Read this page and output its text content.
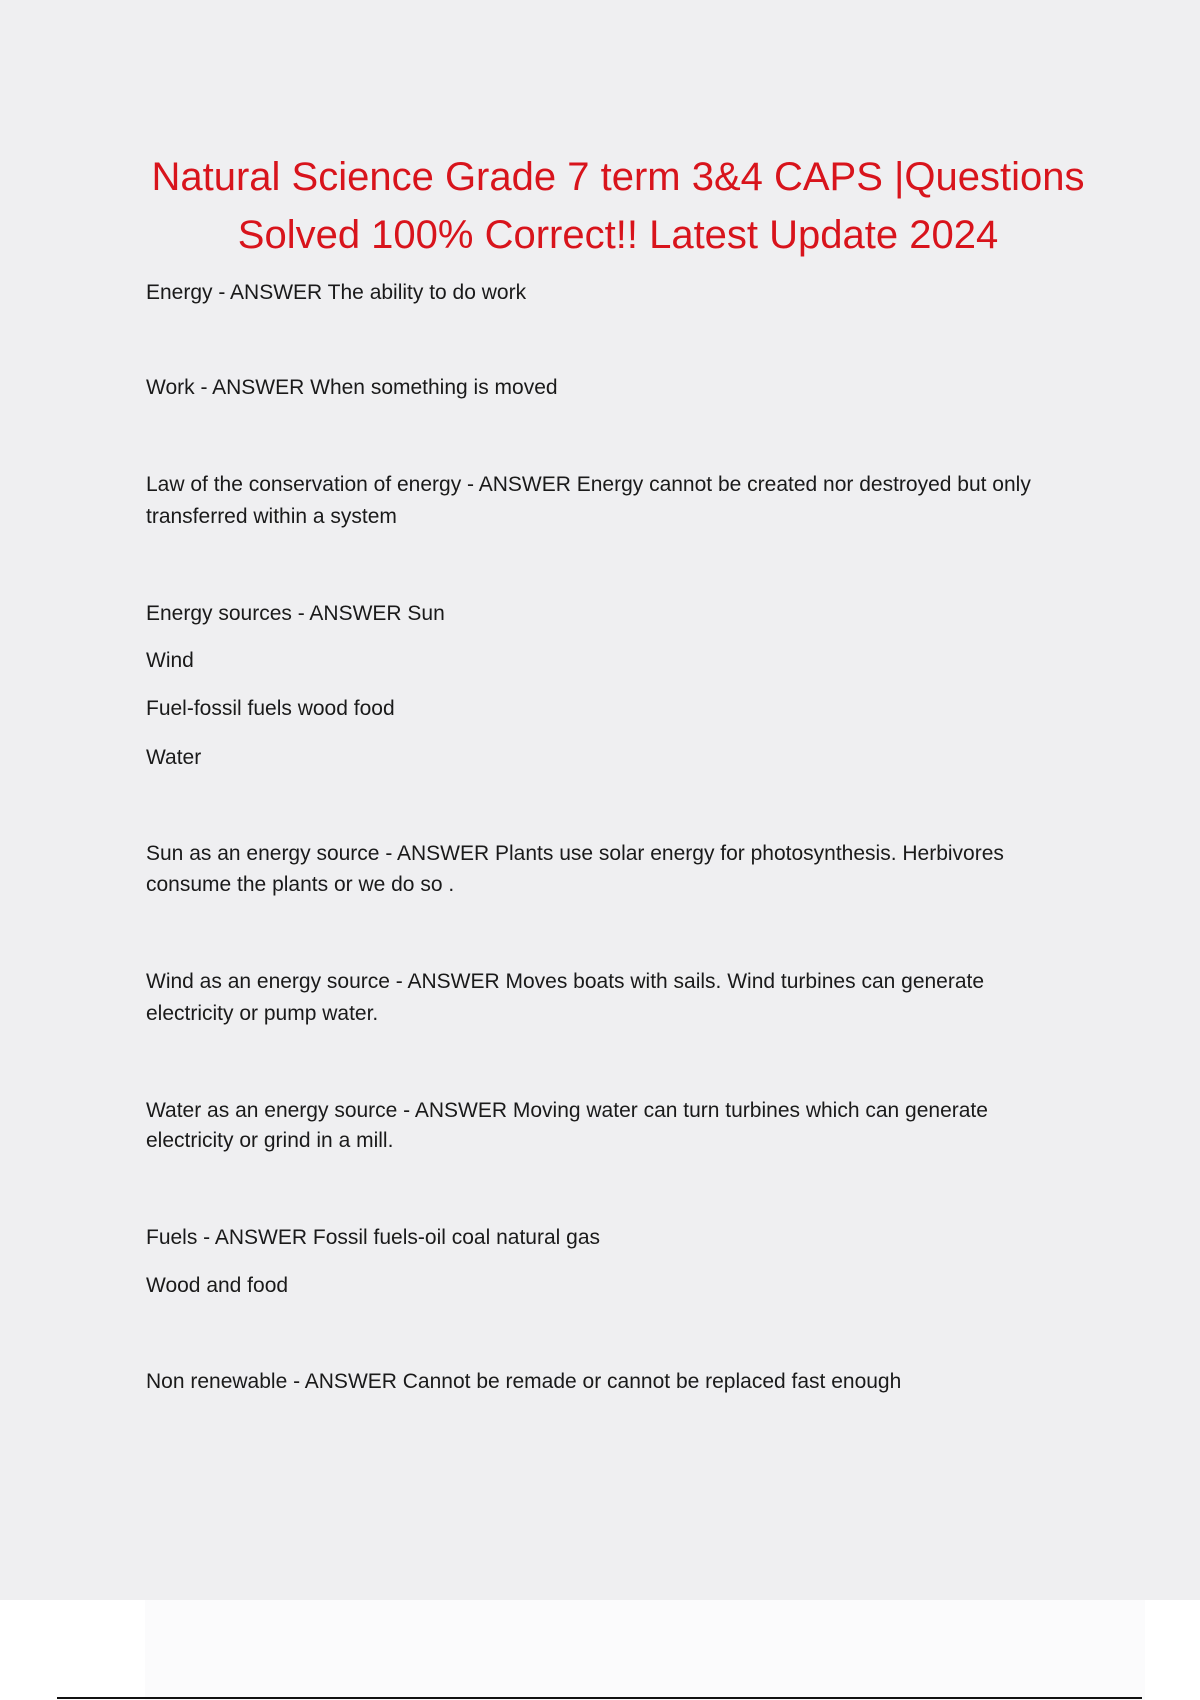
Natural Science Grade 7 term 3&4 CAPS |Questions
Solved 100% Correct!! Latest Update 2024

Energy - ANSWER The ability to do work

Work - ANSWER When something is moved

Law of the conservation of energy - ANSWER Energy cannot be created nor destroyed but only

transferred within a system

Energy sources - ANSWER Sun

Wind

Fuel-fossil fuels wood food

Water

Sun as an energy source - ANSWER Plants use solar energy for photosynthesis. Herbivores

consume the plants or we do so .

Wind as an energy source - ANSWER Moves boats with sails. Wind turbines can generate

electricity or pump water.

Water as an energy source - ANSWER Moving water can turn turbines which can generate

electricity or grind in a mill.

Fuels - ANSWER Fossil fuels-oil coal natural gas

Wood and food

Non renewable - ANSWER Cannot be remade or cannot be replaced fast enough
